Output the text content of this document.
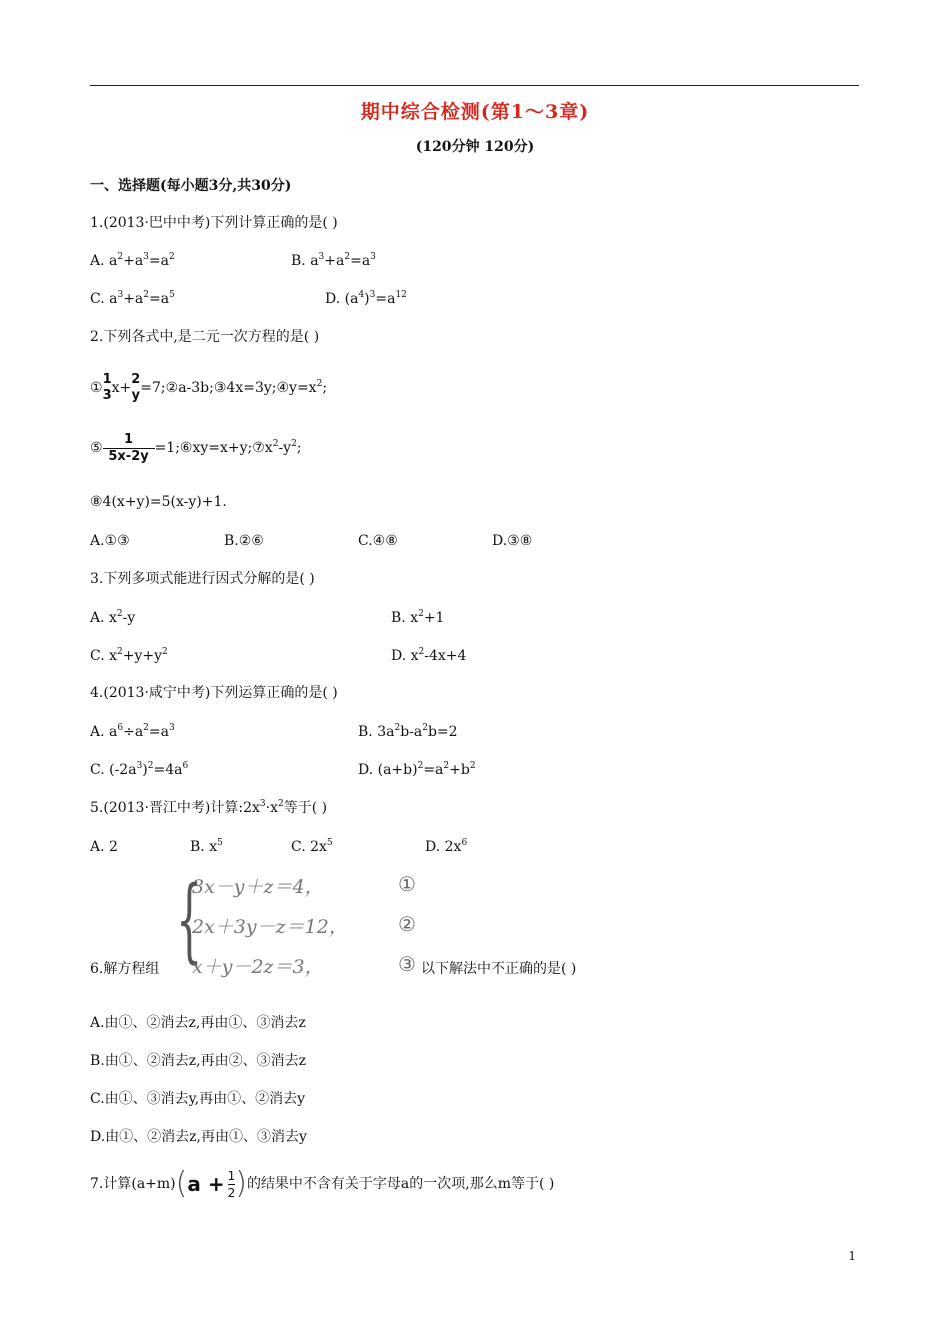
期中综合检测(第1～3章)
(120分钟 120分)
一、选择题(每小题3分,共30分)
1.(2013·巴中中考)下列计算正确的是( )
A. $a^2+a^3=a^2$	B. $a^3+a^2=a^3$
C. $a^3+a^2=a^5$	D. $(a^4)^3=a^{12}$
2.下列各式中,是二元一次方程的是( )
①
1
3 x+
2
$y =7;②a-3b;③4x=3y;④y=x^2$;
⑤ $\frac{1}{5x-2y}$ $=1;⑥xy=x+y;⑦x^2-y^2$;
⑧4(x+y)=5(x-y)+1.
A.①③	B.②⑥	C.④⑧	D.③⑧
3.下列多项式能进行因式分解的是( )
A. $x^2-y$	B. $x^2+1$
C. $x^2+y+y^2$	D. $x^2-4x+4$
4.(2013·咸宁中考)下列运算正确的是( )
A. $a^6\div a^2=a^3$	B. $3a^2b-a^2b=2$
C. $(-2a^3)^2=4a^6$	D. $(a+b)^2=a^2+b^2$
5.(2013·晋江中考)计算$:2x^3\cdot x^2$等于( )
A. 2	B. $x^5$	C. $2x^5$	D. $2x^6$
{
3x－y＋z＝4，
2x＋3y－z＝12，
x＋y－2z＝3，
①
②
③
6.解方程组	以下解法中不正确的是( )
A.由①、②消去z,再由①、③消去z
B.由①、②消去z,再由②、③消去z
C.由①、③消去y,再由①、②消去y
D.由①、②消去z,再由①、③消去y
7.计算$(a+m)(a + \frac{1}{2}$ )的结果中不含有关于字母a的一次项,那么m等于( )
1
